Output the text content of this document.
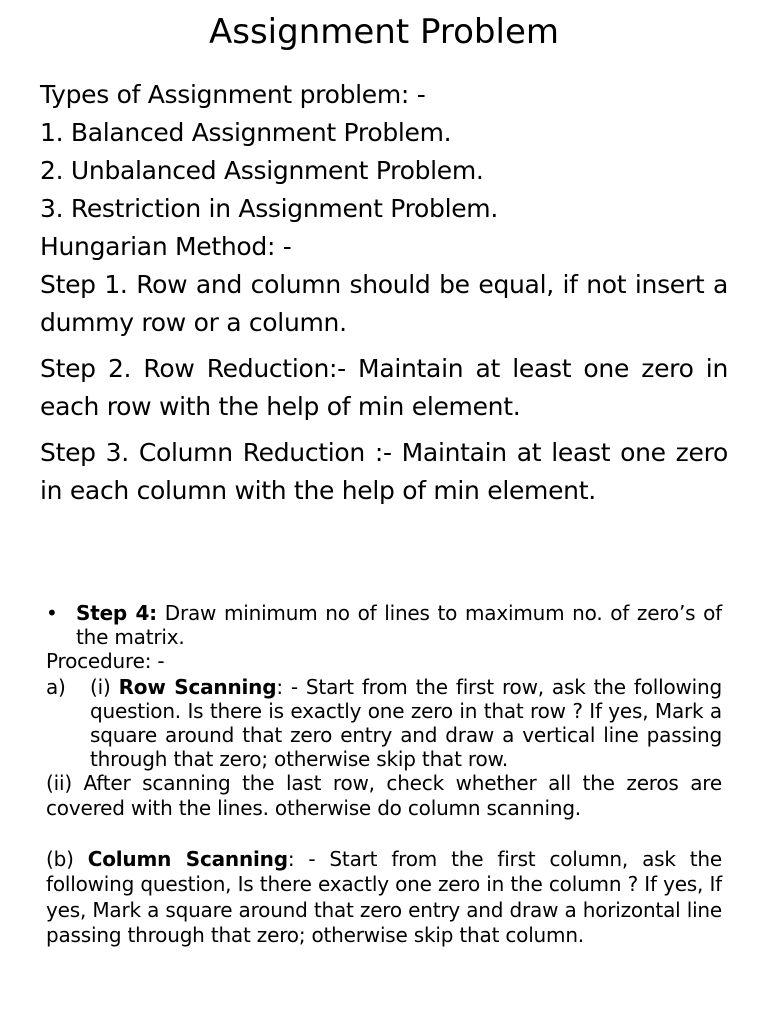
Assignment Problem

Types of Assignment problem: -

1. Balanced Assignment Problem.

2. Unbalanced Assignment Problem.

3. Restriction in Assignment Problem.

Hungarian Method: -

Step 1. Row and column should be equal, if not insert a dummy row or a column.

Step 2. Row Reduction:- Maintain at least one zero in each row with the help of min element.

Step 3. Column Reduction :- Maintain at least one zero in each column with the help of min element.

• Step 4: Draw minimum no of lines to maximum no. of zero’s of the matrix.

Procedure: -

a)	(i) Row Scanning: - Start from the first row, ask the following question. Is there is exactly one zero in that row ? If yes, Mark a square around that zero entry and draw a vertical line passing through that zero; otherwise skip that row.

(ii) After scanning the last row, check whether all the zeros are covered with the lines. otherwise do column scanning.

(b) Column Scanning: - Start from the first column, ask the following question, Is there exactly one zero in the column ? If yes, If yes, Mark a square around that zero entry and draw a horizontal line passing through that zero; otherwise skip that column.
